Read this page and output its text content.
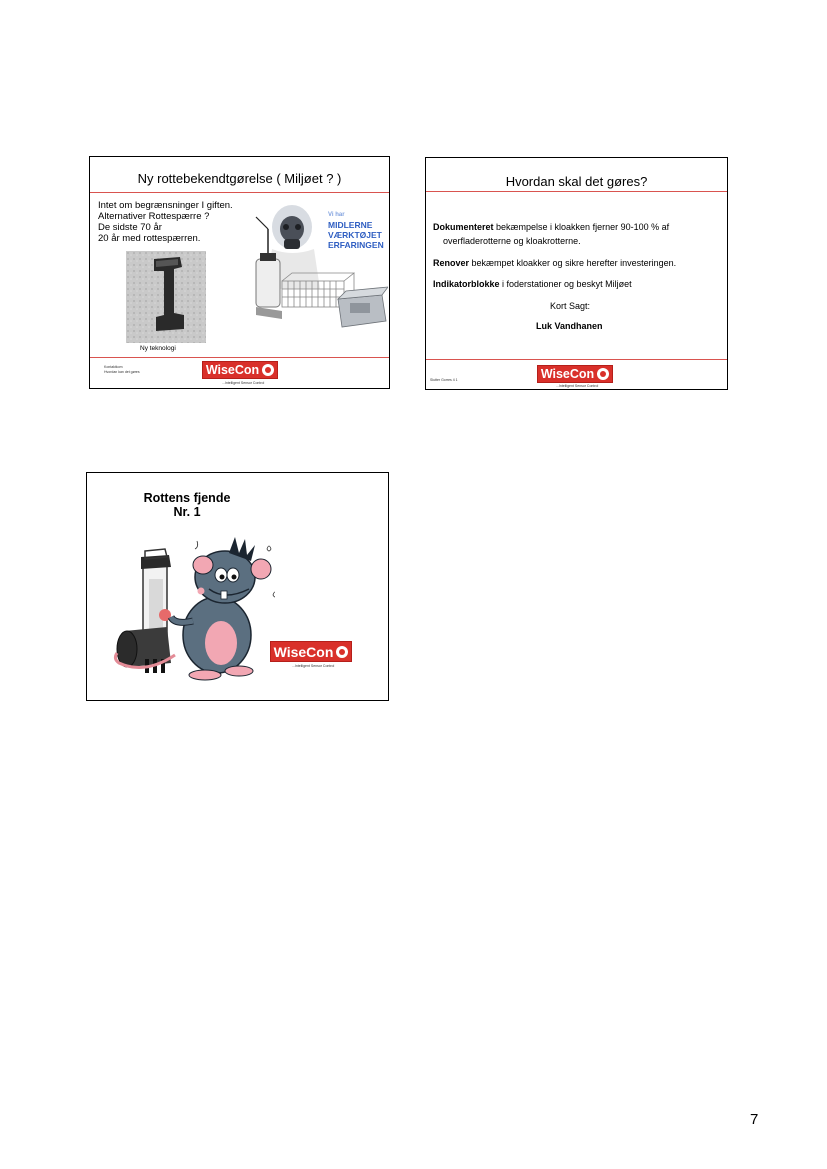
Ny rottebekendtgørelse ( Miljøet ? )
Intet om begrænsninger I giften.
Alternativer Rottespærre ?
De sidste 70 år
20 år med rottespærren.
Ny teknologi
Vi har
MIDLERNE
VÆRKTØJET
ERFARINGEN
Kontaktkom
Hvordan kan det gøres	WiseCon
...Intelligent Sensor Control
Hvordan skal det gøres?
Dokumenteret bekæmpelse i kloakken fjerner 90-100 % af
overfladerotterne og kloakrotterne.
Renover bekæmpet kloakker og sikre herefter investeringen.
Indikatorblokke i foderstationer og beskyt Miljøet
Kort Sagt:
Luk Vandhanen
Slutter Gorres 4 1	WiseCon
...Intelligent Sensor Control
Rottens fjende
Nr. 1
WiseCon
...Intelligent Sensor Control
7
